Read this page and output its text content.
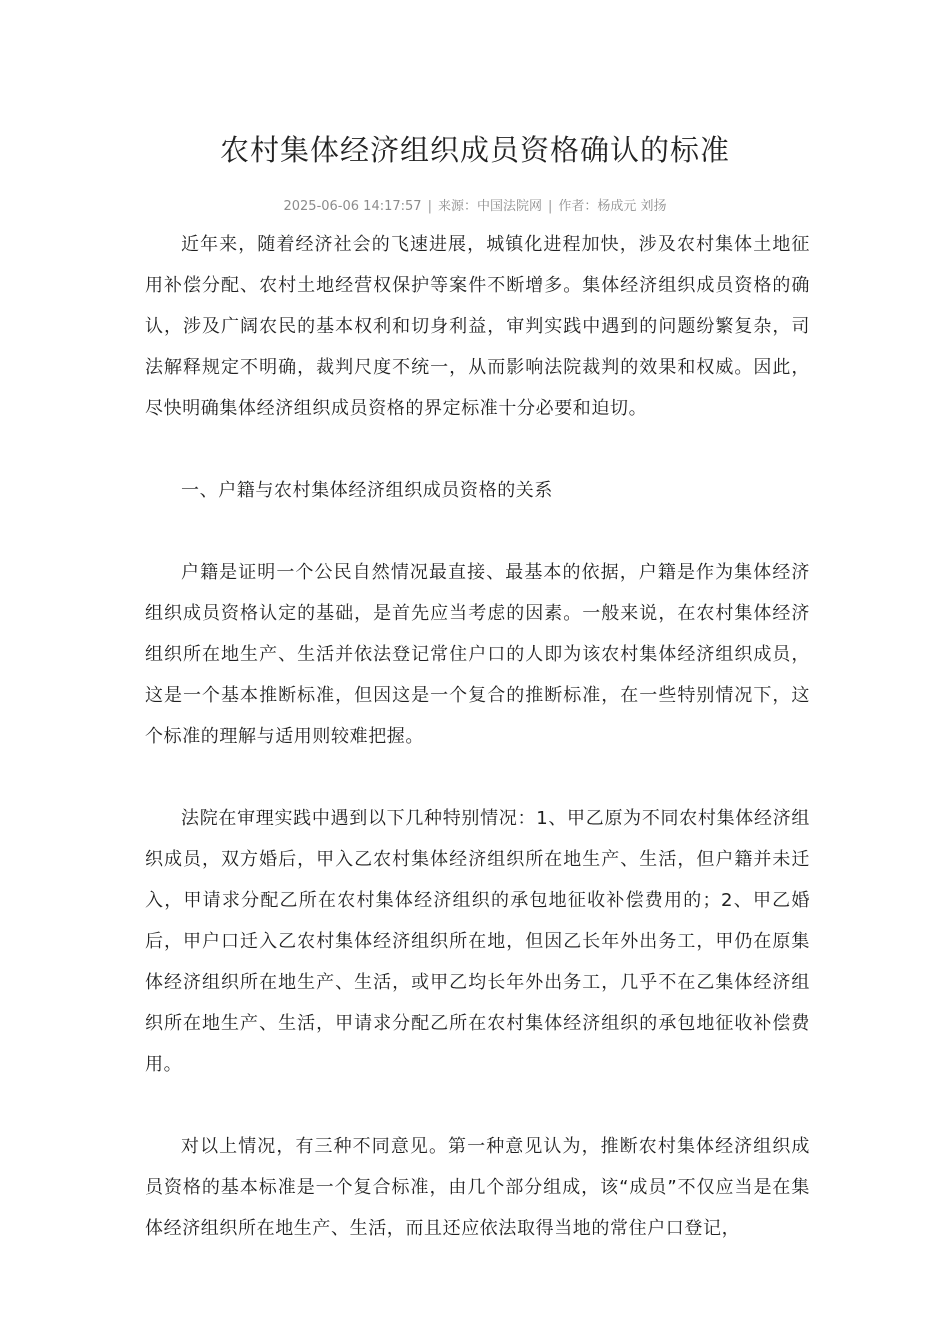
农村集体经济组织成员资格确认的标准
2025-06-06 14:17:57 | 来源：中国法院网 | 作者：杨成元 刘扬

近年来，随着经济社会的飞速进展，城镇化进程加快，涉及农村集体土地征用补偿分配、农村土地经营权保护等案件不断增多。集体经济组织成员资格的确认，涉及广阔农民的基本权利和切身利益，审判实践中遇到的问题纷繁复杂，司法解释规定不明确，裁判尺度不统一，从而影响法院裁判的效果和权威。因此，尽快明确集体经济组织成员资格的界定标准十分必要和迫切。

一、户籍与农村集体经济组织成员资格的关系

户籍是证明一个公民自然情况最直接、最基本的依据，户籍是作为集体经济组织成员资格认定的基础，是首先应当考虑的因素。一般来说，在农村集体经济组织所在地生产、生活并依法登记常住户口的人即为该农村集体经济组织成员，这是一个基本推断标准，但因这是一个复合的推断标准，在一些特别情况下，这个标准的理解与适用则较难把握。

法院在审理实践中遇到以下几种特别情况：1、甲乙原为不同农村集体经济组织成员，双方婚后，甲入乙农村集体经济组织所在地生产、生活，但户籍并未迁入，甲请求分配乙所在农村集体经济组织的承包地征收补偿费用的；2、甲乙婚后，甲户口迁入乙农村集体经济组织所在地，但因乙长年外出务工，甲仍在原集体经济组织所在地生产、生活，或甲乙均长年外出务工，几乎不在乙集体经济组织所在地生产、生活，甲请求分配乙所在农村集体经济组织的承包地征收补偿费用。

对以上情况，有三种不同意见。第一种意见认为，推断农村集体经济组织成员资格的基本标准是一个复合标准，由几个部分组成，该“成员”不仅应当是在集体经济组织所在地生产、生活，而且还应依法取得当地的常住户口登记，
